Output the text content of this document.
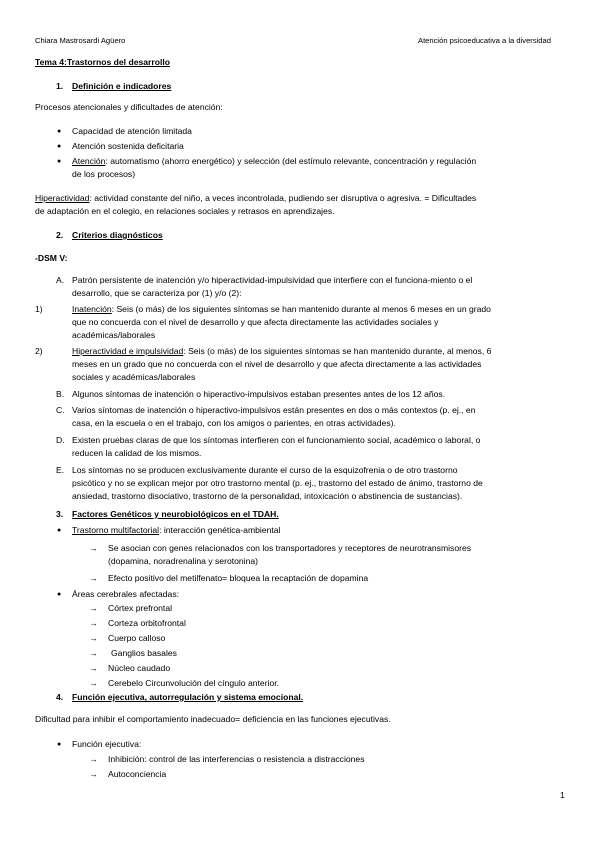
Chiara Mastrosardi Agüero	Atención psicoeducativa a la diversidad
Tema 4:Trastornos del desarrollo
1. Definición e indicadores
Procesos atencionales y dificultades de atención:
● Capacidad de atención limitada
● Atención sostenida deficitaria
● Atención: automatismo (ahorro energético) y selección (del estímulo relevante, concentración y regulación
de los procesos)
Hiperactividad: actividad constante del niño, a veces incontrolada, pudiendo ser disruptiva o agresiva. = Dificultades
de adaptación en el colegio, en relaciones sociales y retrasos en aprendizajes.
2. Criterios diagnósticos
-DSM V:
A. Patrón persistente de inatención y/o hiperactividad-impulsividad que interfiere con el funciona-miento o el
desarrollo, que se caracteriza por (1) y/o (2):
1)	Inatención: Seis (o más) de los siguientes síntomas se han mantenido durante al menos 6 meses en un grado
que no concuerda con el nivel de desarrollo y que afecta directamente las actividades sociales y
académicas/laborales
2)	Hiperactividad e impulsividad: Seis (o más) de los siguientes síntomas se han mantenido durante, al menos, 6
meses en un grado que no concuerda con el nivel de desarrollo y que afecta directamente a las actividades
sociales y académicas/laborales
B. Algunos síntomas de inatención o hiperactivo-impulsivos estaban presentes antes de los 12 años.
C. Varios síntomas de inatención o hiperactivo-impulsivos están presentes en dos o más contextos (p. ej., en
casa, en la escuela o en el trabajo, con los amigos o parientes, en otras actividades).
D. Existen pruebas claras de que los síntomas interfieren con el funcionamiento social, académico o laboral, o
reducen la calidad de los mismos.
E. Los síntomas no se producen exclusivamente durante el curso de la esquizofrenia o de otro trastorno
psicótico y no se explican mejor por otro trastorno mental (p. ej., trastorno del estado de ánimo, trastorno de
ansiedad, trastorno disociativo, trastorno de la personalidad, intoxicación o abstinencia de sustancias).
3. Factores Genéticos y neurobiológicos en el TDAH.
● Trastorno multifactorial: interacción genética-ambiental
→ Se asocian con genes relacionados con los transportadores y receptores de neurotransmisores
(dopamina, noradrenalina y serotonina)
→ Efecto positivo del metilfenato= bloquea la recaptación de dopamina
● Áreas cerebrales afectadas:
→ Córtex prefrontal
→ Corteza orbitofrontal
→ Cuerpo calloso
→ Ganglios basales
→ Núcleo caudado
→ Cerebelo Circunvolución del cíngulo anterior.
4. Función ejecutiva, autorregulación y sistema emocional.
Dificultad para inhibir el comportamiento inadecuado= deficiencia en las funciones ejecutivas.
● Función ejecutiva:
→ Inhibición: control de las interferencias o resistencia a distracciones
→ Autoconciencia
1
